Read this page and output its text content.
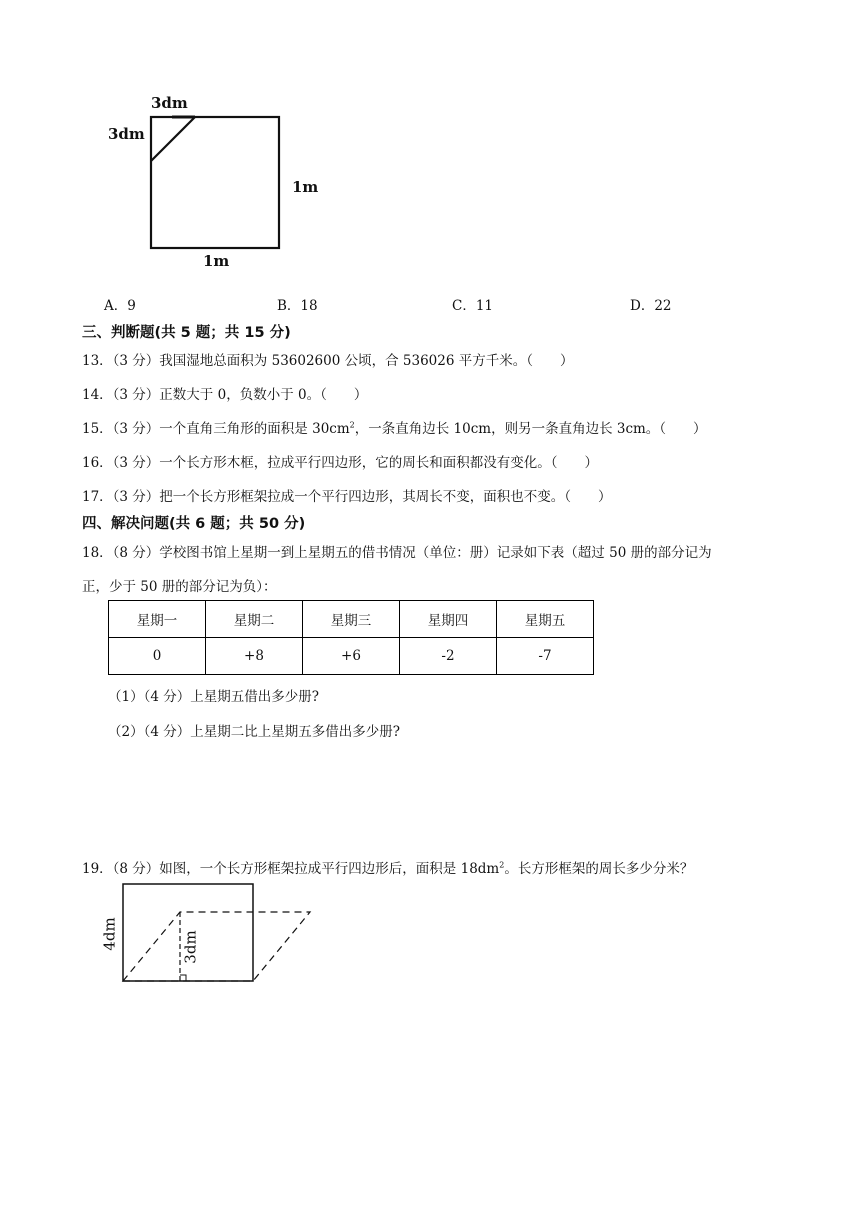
3dm
3dm
1m
1m
A．9	B．18	C．11	D．22
三、判断题(共 5 题；共 15 分)
13．（3 分）我国湿地总面积为 53602600 公顷，合 536026 平方千米。（　　）
14．（3 分）正数大于 0，负数小于 0。（　　）
15．（3 分）一个直角三角形的面积是 $30cm^2$，一条直角边长 10cm，则另一条直角边长 3cm。（　　）
16．（3 分）一个长方形木框，拉成平行四边形，它的周长和面积都没有变化。（　　）
17．（3 分）把一个长方形框架拉成一个平行四边形，其周长不变，面积也不变。（　　）
四、解决问题(共 6 题；共 50 分)
18．（8 分）学校图书馆上星期一到上星期五的借书情况（单位：册）记录如下表（超过 50 册的部分记为
正，少于 50 册的部分记为负）：
星期一	星期二	星期三	星期四	星期五
0	+8	+6	-2	-7
（1）（4 分）上星期五借出多少册?
（2）（4 分）上星期二比上星期五多借出多少册?
19．（8 分）如图，一个长方形框架拉成平行四边形后，面积是 $18dm^2$。长方形框架的周长多少分米？
4dm	3dm
